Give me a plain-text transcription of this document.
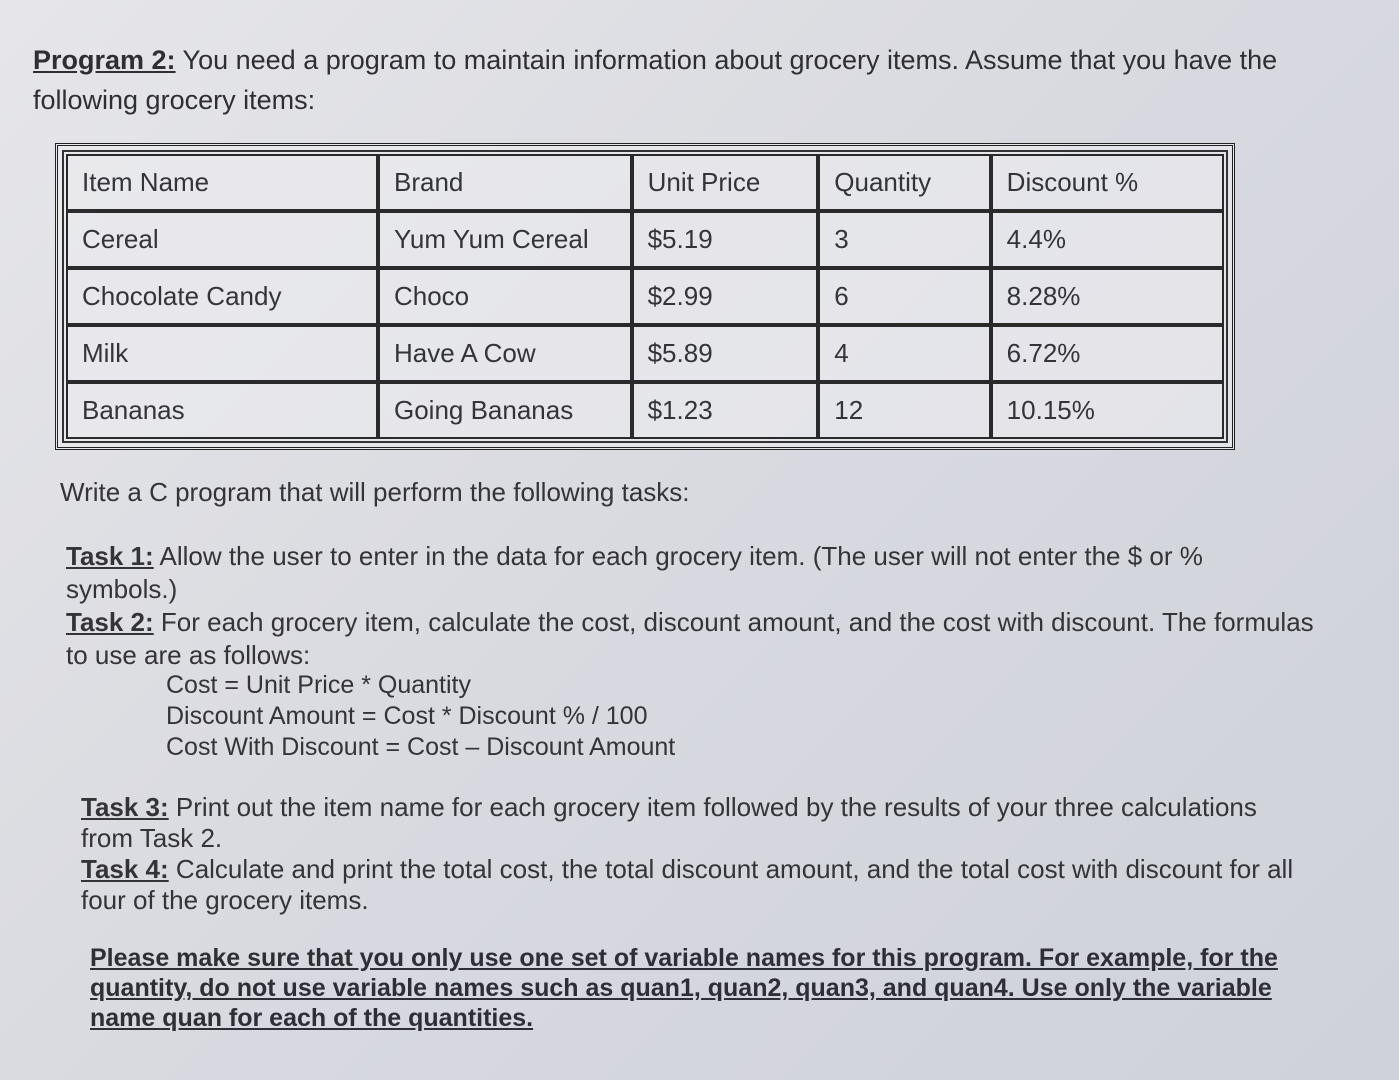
Program 2: You need a program to maintain information about grocery items. Assume that you have the following grocery items:
Item Name	Brand	Unit Price	Quantity	Discount %
Cereal	Yum Yum Cereal	$5.19	3	4.4%
Chocolate Candy	Choco	$2.99	6	8.28%
Milk	Have A Cow	$5.89	4	6.72%
Bananas	Going Bananas	$1.23	12	10.15%
Write a C program that will perform the following tasks:
Task 1: Allow the user to enter in the data for each grocery item. (The user will not enter the $ or % symbols.)
Task 2: For each grocery item, calculate the cost, discount amount, and the cost with discount. The formulas to use are as follows:
Cost = Unit Price * Quantity
Discount Amount = Cost * Discount % / 100
Cost With Discount = Cost – Discount Amount
Task 3: Print out the item name for each grocery item followed by the results of your three calculations from Task 2.
Task 4: Calculate and print the total cost, the total discount amount, and the total cost with discount for all four of the grocery items.
Please make sure that you only use one set of variable names for this program. For example, for the quantity, do not use variable names such as quan1, quan2, quan3, and quan4. Use only the variable name quan for each of the quantities.
